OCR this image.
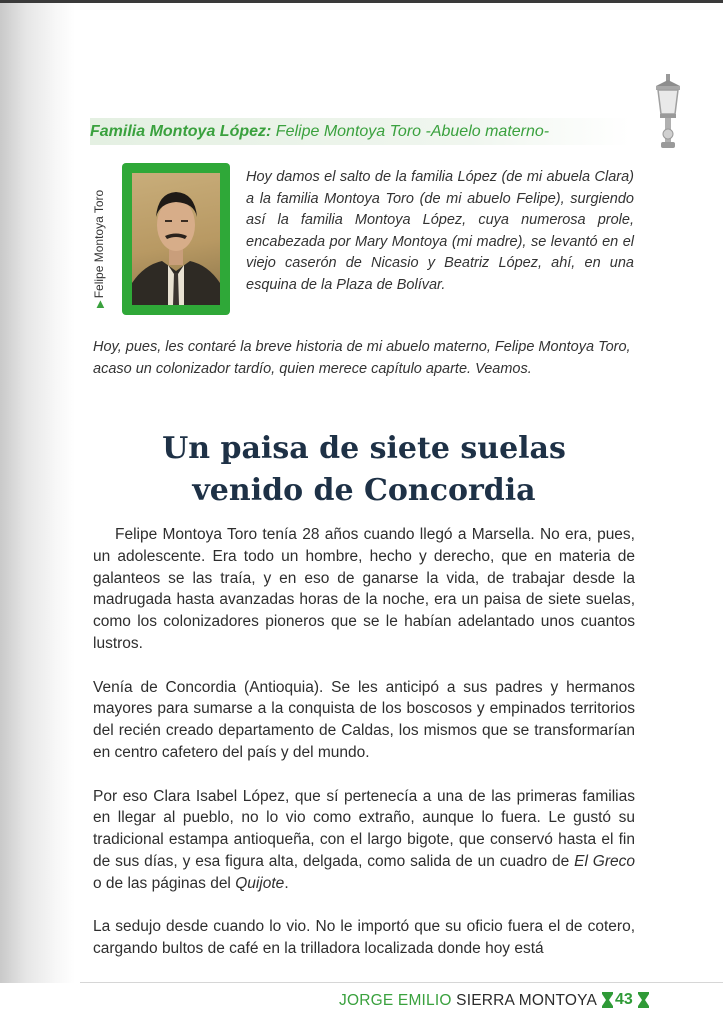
Familia Montoya López: Felipe Montoya Toro -Abuelo materno-
▶Felipe Montoya Toro
Hoy damos el salto de la familia López (de mi abuela Clara) a la familia Montoya Toro (de mi abuelo Felipe), surgiendo así la familia Montoya López, cuya numerosa prole, encabezada por Mary Montoya (mi madre), se levantó en el viejo caserón de Nicasio y Beatriz López, ahí, en una esquina de la Plaza de Bolívar.
Hoy, pues, les contaré la breve historia de mi abuelo materno, Felipe Montoya Toro, acaso un colonizador tardío, quien merece capítulo aparte. Veamos.
Un paisa de siete suelas
venido de Concordia

Felipe Montoya Toro tenía 28 años cuando llegó a Marsella. No era, pues, un adolescente. Era todo un hombre, hecho y derecho, que en materia de galanteos se las traía, y en eso de ganarse la vida, de trabajar desde la madrugada hasta avanzadas horas de la noche, era un paisa de siete suelas, como los colonizadores pioneros que se le habían adelantado unos cuantos lustros.

Venía de Concordia (Antioquia). Se les anticipó a sus padres y hermanos mayores para sumarse a la conquista de los boscosos y empinados territorios del recién creado departamento de Caldas, los mismos que se transformarían en centro cafetero del país y del mundo.

Por eso Clara Isabel López, que sí pertenecía a una de las primeras familias en llegar al pueblo, no lo vio como extraño, aunque lo fuera. Le gustó su tradicional estampa antioqueña, con el largo bigote, que conservó hasta el fin de sus días, y esa figura alta, delgada, como salida de un cuadro de El Greco o de las páginas del Quijote.

La sedujo desde cuando lo vio. No le importó que su oficio fuera el de cotero, cargando bultos de café en la trilladora localizada donde hoy está

JORGE EMILIO SIERRA MONTOYA 43
